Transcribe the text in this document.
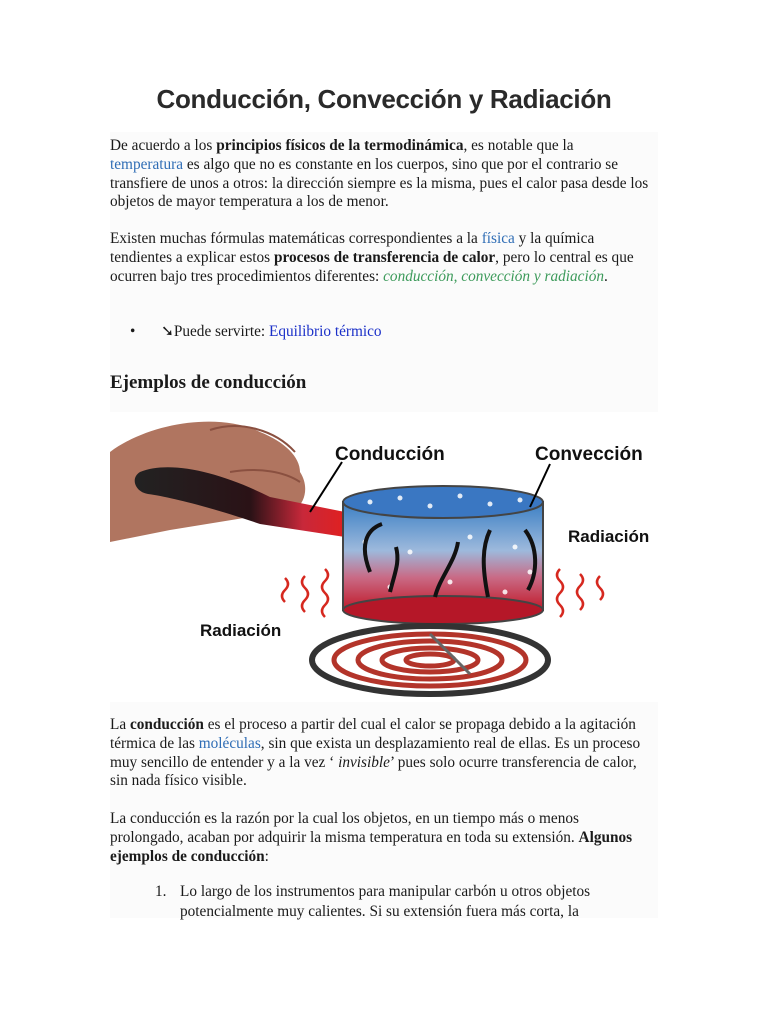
Conducción, Convección y Radiación

De acuerdo a los principios físicos de la termodinámica, es notable que la temperatura es algo que no es constante en los cuerpos, sino que por el contrario se transfiere de unos a otros: la dirección siempre es la misma, pues el calor pasa desde los objetos de mayor temperatura a los de menor.

Existen muchas fórmulas matemáticas correspondientes a la física y la química tendientes a explicar estos procesos de transferencia de calor, pero lo central es que ocurren bajo tres procedimientos diferentes: conducción, convección y radiación.

• ➘Puede servirte: Equilibrio térmico
Ejemplos de conducción
Conducción	Convección
Radiación
Radiación

La conducción es el proceso a partir del cual el calor se propaga debido a la agitación térmica de las moléculas, sin que exista un desplazamiento real de ellas. Es un proceso muy sencillo de entender y a la vez ‘ invisible’ pues solo ocurre transferencia de calor, sin nada físico visible.

La conducción es la razón por la cual los objetos, en un tiempo más o menos prolongado, acaban por adquirir la misma temperatura en toda su extensión. Algunos ejemplos de conducción:

1. Lo largo de los instrumentos para manipular carbón u otros objetos potencialmente muy calientes. Si su extensión fuera más corta, la
